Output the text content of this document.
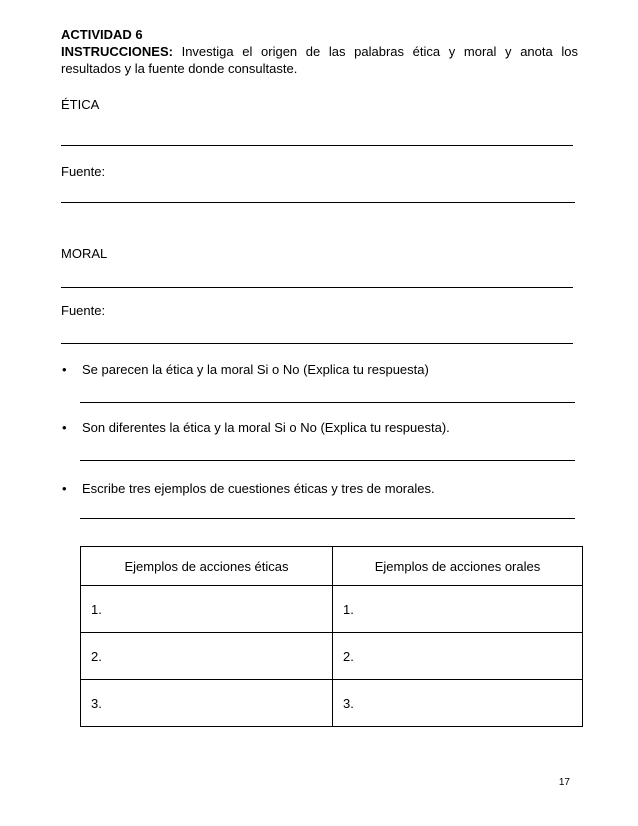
ACTIVIDAD 6
INSTRUCCIONES: Investiga el origen de las palabras ética y moral y anota los resultados y la fuente donde consultaste.
ÉTICA
Fuente:
MORAL
Fuente:
• Se parecen la ética y la moral Si o No (Explica tu respuesta)
• Son diferentes la ética y la moral Si o No (Explica tu respuesta).
• Escribe tres ejemplos de cuestiones éticas y tres de morales.
Ejemplos de acciones éticas	Ejemplos de acciones orales
1.	1.
2.	2.
3.	3.
17
